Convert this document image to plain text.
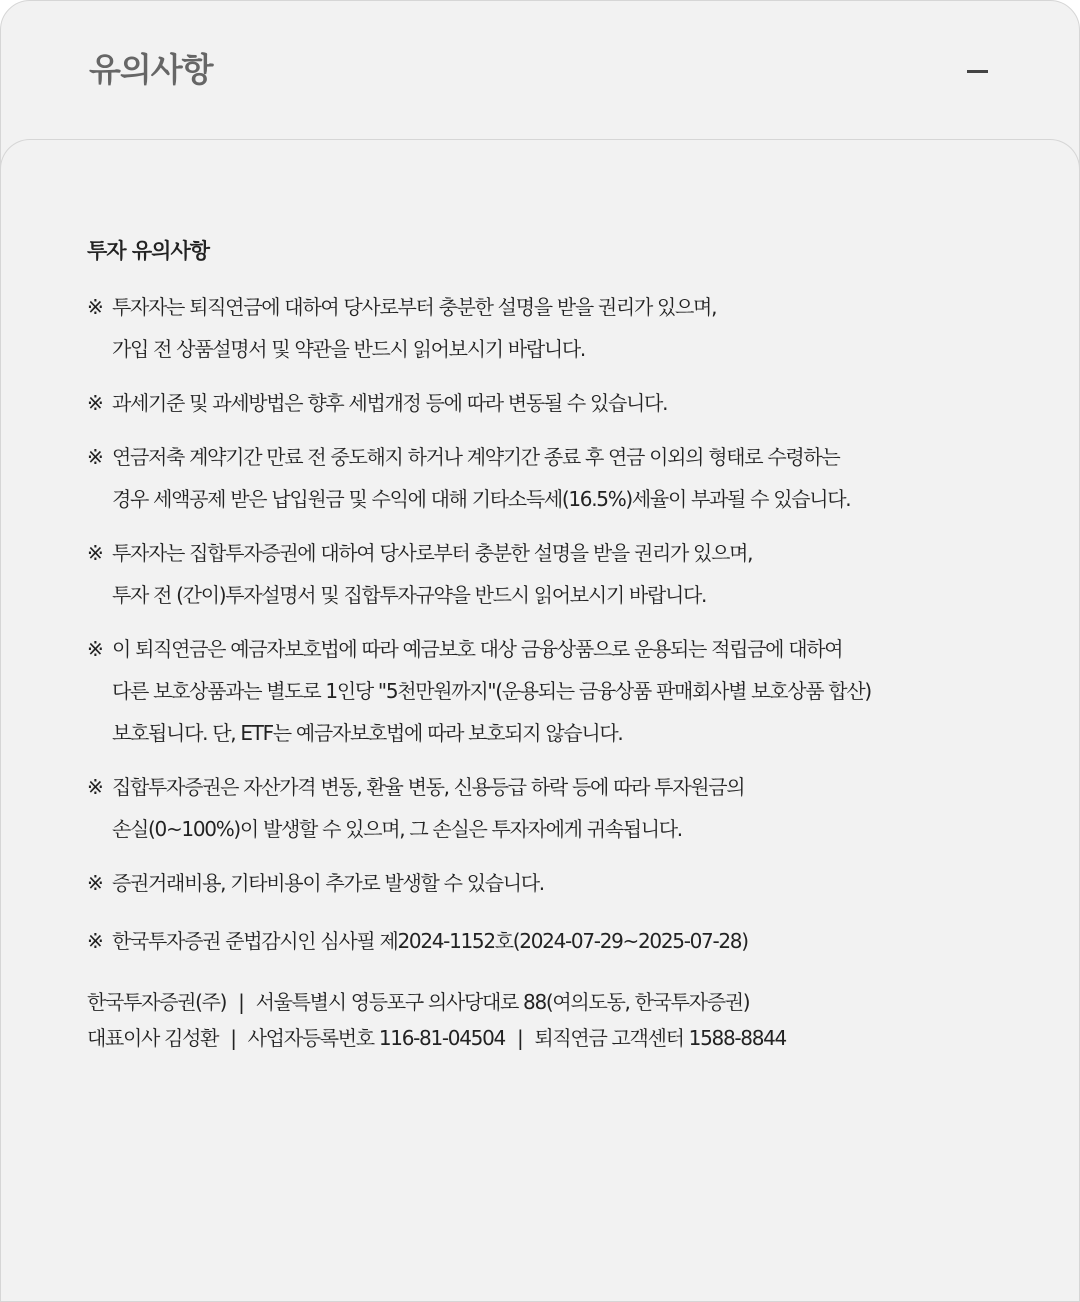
유의사항
투자 유의사항
※ 투자자는 퇴직연금에 대하여 당사로부터 충분한 설명을 받을 권리가 있으며,
가입 전 상품설명서 및 약관을 반드시 읽어보시기 바랍니다.
※ 과세기준 및 과세방법은 향후 세법개정 등에 따라 변동될 수 있습니다.
※ 연금저축 계약기간 만료 전 중도해지 하거나 계약기간 종료 후 연금 이외의 형태로 수령하는
경우 세액공제 받은 납입원금 및 수익에 대해 기타소득세(16.5%)세율이 부과될 수 있습니다.
※ 투자자는 집합투자증권에 대하여 당사로부터 충분한 설명을 받을 권리가 있으며,
투자 전 (간이)투자설명서 및 집합투자규약을 반드시 읽어보시기 바랍니다.
※ 이 퇴직연금은 예금자보호법에 따라 예금보호 대상 금융상품으로 운용되는 적립금에 대하여
다른 보호상품과는 별도로 1인당 "5천만원까지"(운용되는 금융상품 판매회사별 보호상품 합산)
보호됩니다. 단, ETF는 예금자보호법에 따라 보호되지 않습니다.
※ 집합투자증권은 자산가격 변동, 환율 변동, 신용등급 하락 등에 따라 투자원금의
손실(0~100%)이 발생할 수 있으며, 그 손실은 투자자에게 귀속됩니다.
※ 증권거래비용, 기타비용이 추가로 발생할 수 있습니다.
※ 한국투자증권 준법감시인 심사필 제2024-1152호(2024-07-29~2025-07-28)
한국투자증권(주) | 서울특별시 영등포구 의사당대로 88(여의도동, 한국투자증권)
대표이사 김성환 | 사업자등록번호 116-81-04504 | 퇴직연금 고객센터 1588-8844
